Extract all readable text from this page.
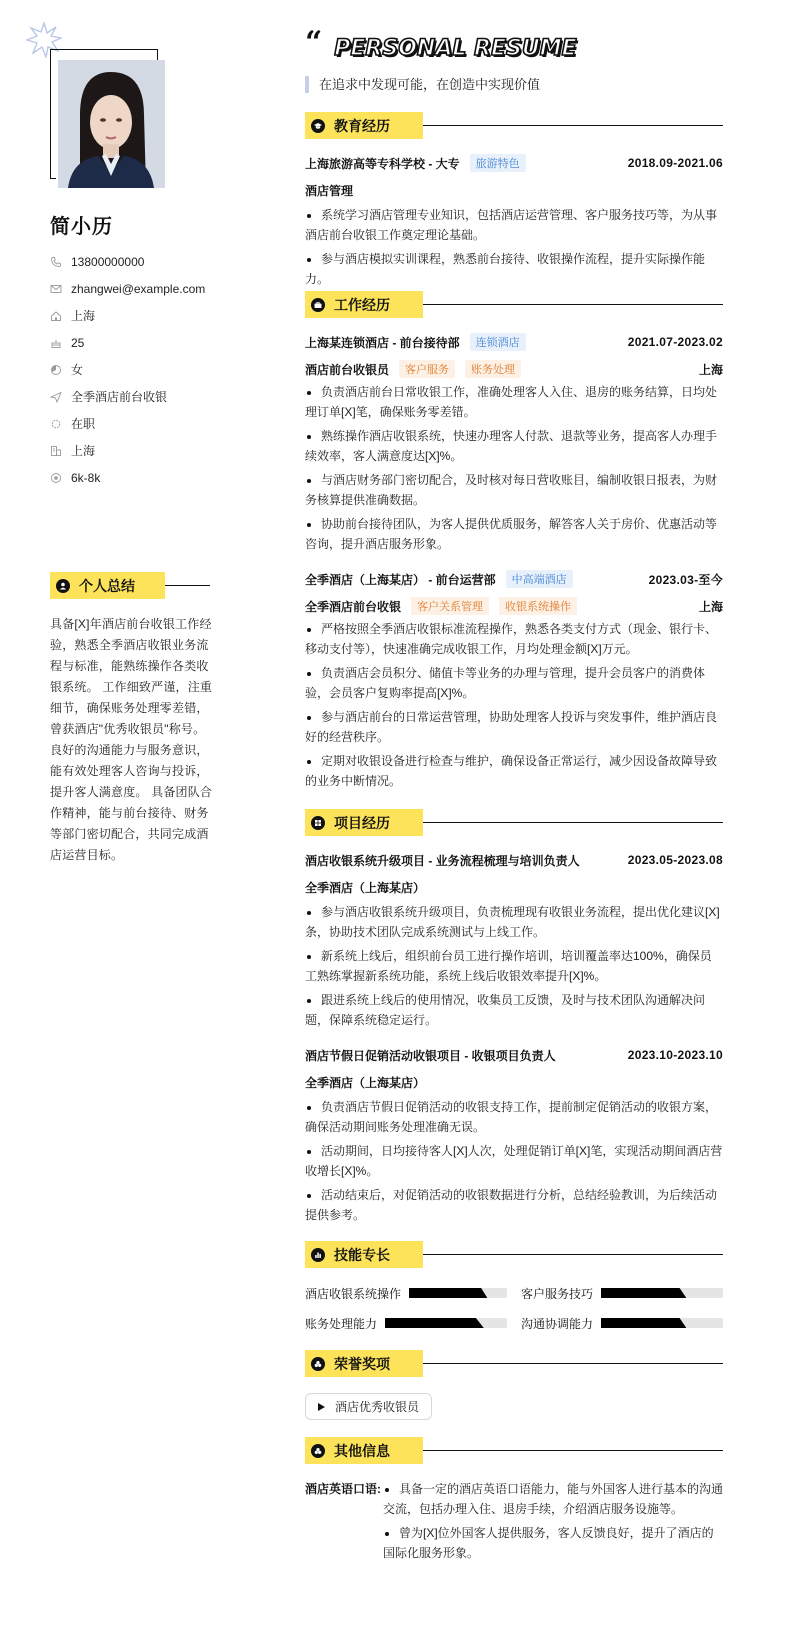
简小历
13800000000
zhangwei@example.com
上海
25
女
全季酒店前台收银
在职
上海
6k-8k
个人总结
具备[X]年酒店前台收银工作经验，熟悉全季酒店收银业务流程与标准，能熟练操作各类收银系统。 工作细致严谨，注重细节，确保账务处理零差错，曾获酒店"优秀收银员"称号。 良好的沟通能力与服务意识，能有效处理客人咨询与投诉，提升客人满意度。 具备团队合作精神，能与前台接待、财务等部门密切配合，共同完成酒店运营目标。
“ PERSONAL RESUME
在追求中发现可能，在创造中实现价值
教育经历
上海旅游高等专科学校 - 大专	旅游特色	2018.09-2021.06
酒店管理
系统学习酒店管理专业知识，包括酒店运营管理、客户服务技巧等，为从事酒店前台收银工作奠定理论基础。
参与酒店模拟实训课程，熟悉前台接待、收银操作流程，提升实际操作能力。
工作经历
上海某连锁酒店 - 前台接待部	连锁酒店	2021.07-2023.02
酒店前台收银员	客户服务	账务处理	上海
负责酒店前台日常收银工作，准确处理客人入住、退房的账务结算，日均处理订单[X]笔，确保账务零差错。
熟练操作酒店收银系统，快速办理客人付款、退款等业务，提高客人办理手续效率，客人满意度达[X]%。
与酒店财务部门密切配合，及时核对每日营收账目，编制收银日报表，为财务核算提供准确数据。
协助前台接待团队，为客人提供优质服务，解答客人关于房价、优惠活动等咨询，提升酒店服务形象。
全季酒店（上海某店） - 前台运营部	中高端酒店	2023.03-至今
全季酒店前台收银	客户关系管理	收银系统操作	上海
严格按照全季酒店收银标准流程操作，熟悉各类支付方式（现金、银行卡、移动支付等），快速准确完成收银工作，月均处理金额[X]万元。
负责酒店会员积分、储值卡等业务的办理与管理，提升会员客户的消费体验，会员客户复购率提高[X]%。
参与酒店前台的日常运营管理，协助处理客人投诉与突发事件，维护酒店良好的经营秩序。
定期对收银设备进行检查与维护，确保设备正常运行，减少因设备故障导致的业务中断情况。
项目经历
酒店收银系统升级项目 - 业务流程梳理与培训负责人	2023.05-2023.08
全季酒店（上海某店）
参与酒店收银系统升级项目，负责梳理现有收银业务流程，提出优化建议[X]条，协助技术团队完成系统测试与上线工作。
新系统上线后，组织前台员工进行操作培训，培训覆盖率达100%，确保员工熟练掌握新系统功能，系统上线后收银效率提升[X]%。
跟进系统上线后的使用情况，收集员工反馈，及时与技术团队沟通解决问题，保障系统稳定运行。
酒店节假日促销活动收银项目 - 收银项目负责人	2023.10-2023.10
全季酒店（上海某店）
负责酒店节假日促销活动的收银支持工作，提前制定促销活动的收银方案，确保活动期间账务处理准确无误。
活动期间，日均接待客人[X]人次，处理促销订单[X]笔，实现活动期间酒店营收增长[X]%。
活动结束后，对促销活动的收银数据进行分析，总结经验教训，为后续活动提供参考。
技能专长
酒店收银系统操作	客户服务技巧
账务处理能力	沟通协调能力
荣誉奖项
酒店优秀收银员
其他信息
酒店英语口语:	具备一定的酒店英语口语能力，能与外国客人进行基本的沟通交流，包括办理入住、退房手续，介绍酒店服务设施等。
曾为[X]位外国客人提供服务，客人反馈良好，提升了酒店的国际化服务形象。
